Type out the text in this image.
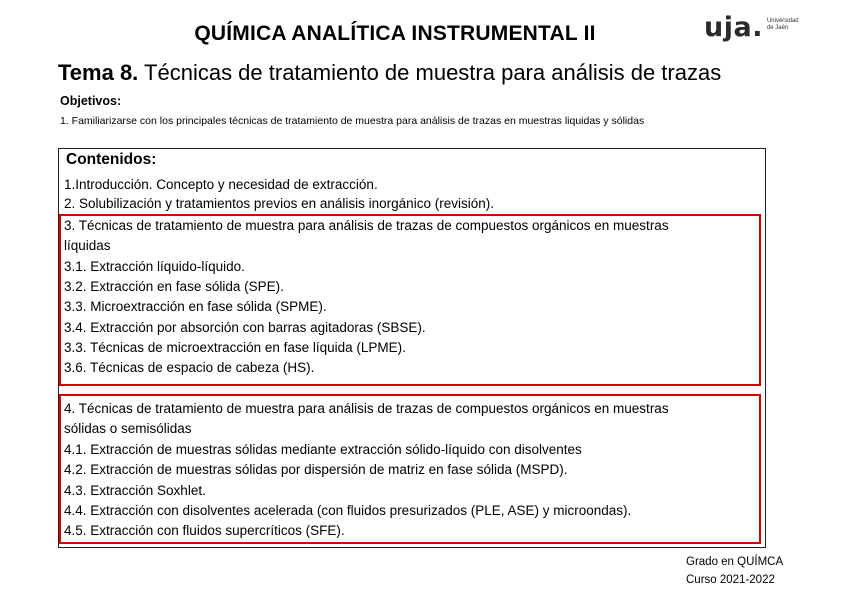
QUÍMICA ANALÍTICA INSTRUMENTAL II	uja. Universidad
de Jaén
Tema 8. Técnicas de tratamiento de muestra para análisis de trazas
Objetivos:
1. Familiarizarse con los principales técnicas de tratamiento de muestra para análisis de trazas en muestras liquidas y sólidas
Contenidos:
1.Introducción. Concepto y necesidad de extracción.
2. Solubilización y tratamientos previos en análisis inorgánico (revisión).
3. Técnicas de tratamiento de muestra para análisis de trazas de compuestos orgánicos en muestras
líquidas
3.1. Extracción líquido-líquido.
3.2. Extracción en fase sólida (SPE).
3.3. Microextracción en fase sólida (SPME).
3.4. Extracción por absorción con barras agitadoras (SBSE).
3.3. Técnicas de microextracción en fase líquida (LPME).
3.6. Técnicas de espacio de cabeza (HS).
4. Técnicas de tratamiento de muestra para análisis de trazas de compuestos orgánicos en muestras
sólidas o semisólidas
4.1. Extracción de muestras sólidas mediante extracción sólido-líquido con disolventes
4.2. Extracción de muestras sólidas por dispersión de matriz en fase sólida (MSPD).
4.3. Extracción Soxhlet.
4.4. Extracción con disolventes acelerada (con fluidos presurizados (PLE, ASE) y microondas).
4.5. Extracción con fluidos supercríticos (SFE).
Grado en QUÍMCA
Curso 2021-2022
